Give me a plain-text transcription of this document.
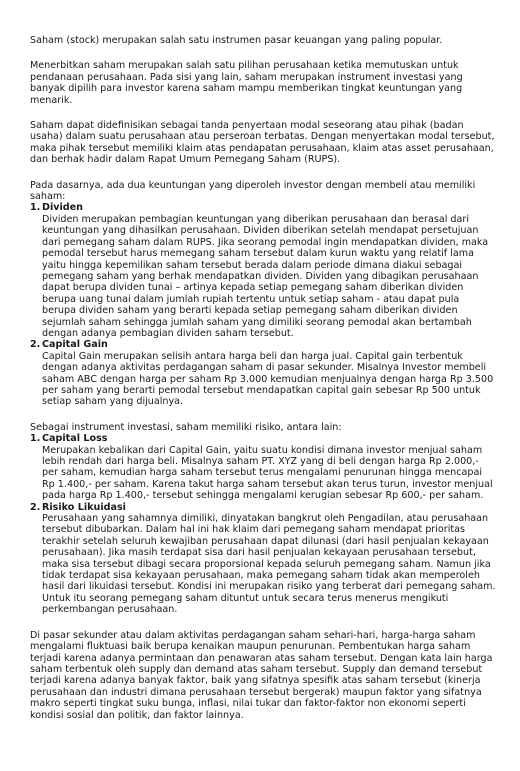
Saham (stock) merupakan salah satu instrumen pasar keuangan yang paling popular.

Menerbitkan saham merupakan salah satu pilihan perusahaan ketika memutuskan untuk pendanaan perusahaan. Pada sisi yang lain, saham merupakan instrument investasi yang banyak dipilih para investor karena saham mampu memberikan tingkat keuntungan yang menarik.

Saham dapat didefinisikan sebagai tanda penyertaan modal seseorang atau pihak (badan usaha) dalam suatu perusahaan atau perseroan terbatas. Dengan menyertakan modal tersebut, maka pihak tersebut memiliki klaim atas pendapatan perusahaan, klaim atas asset perusahaan, dan berhak hadir dalam Rapat Umum Pemegang Saham (RUPS).

Pada dasarnya, ada dua keuntungan yang diperoleh investor dengan membeli atau memiliki saham:

1. Dividen
Dividen merupakan pembagian keuntungan yang diberikan perusahaan dan berasal dari keuntungan yang dihasilkan perusahaan. Dividen diberikan setelah mendapat persetujuan dari pemegang saham dalam RUPS. Jika seorang pemodal ingin mendapatkan dividen, maka pemodal tersebut harus memegang saham tersebut dalam kurun waktu yang relatif lama yaitu hingga kepemilikan saham tersebut berada dalam periode dimana diakui sebagai pemegang saham yang berhak mendapatkan dividen. Dividen yang dibagikan perusahaan dapat berupa dividen tunai – artinya kepada setiap pemegang saham diberikan dividen berupa uang tunai dalam jumlah rupiah tertentu untuk setiap saham - atau dapat pula berupa dividen saham yang berarti kepada setiap pemegang saham diberikan dividen sejumlah saham sehingga jumlah saham yang dimiliki seorang pemodal akan bertambah dengan adanya pembagian dividen saham tersebut.
2. Capital Gain
Capital Gain merupakan selisih antara harga beli dan harga jual. Capital gain terbentuk dengan adanya aktivitas perdagangan saham di pasar sekunder. Misalnya Investor membeli saham ABC dengan harga per saham Rp 3.000 kemudian menjualnya dengan harga Rp 3.500 per saham yang berarti pemodal tersebut mendapatkan capital gain sebesar Rp 500 untuk setiap saham yang dijualnya.

Sebagai instrument investasi, saham memiliki risiko, antara lain:

1. Capital Loss
Merupakan kebalikan dari Capital Gain, yaitu suatu kondisi dimana investor menjual saham lebih rendah dari harga beli. Misalnya saham PT. XYZ yang di beli dengan harga Rp 2.000,- per saham, kemudian harga saham tersebut terus mengalami penurunan hingga mencapai Rp 1.400,- per saham. Karena takut harga saham tersebut akan terus turun, investor menjual pada harga Rp 1.400,- tersebut sehingga mengalami kerugian sebesar Rp 600,- per saham.
2. Risiko Likuidasi
Perusahaan yang sahamnya dimiliki, dinyatakan bangkrut oleh Pengadilan, atau perusahaan tersebut dibubarkan. Dalam hal ini hak klaim dari pemegang saham mendapat prioritas terakhir setelah seluruh kewajiban perusahaan dapat dilunasi (dari hasil penjualan kekayaan perusahaan). Jika masih terdapat sisa dari hasil penjualan kekayaan perusahaan tersebut, maka sisa tersebut dibagi secara proporsional kepada seluruh pemegang saham. Namun jika tidak terdapat sisa kekayaan perusahaan, maka pemegang saham tidak akan memperoleh hasil dari likuidasi tersebut. Kondisi ini merupakan risiko yang terberat dari pemegang saham. Untuk itu seorang pemegang saham dituntut untuk secara terus menerus mengikuti perkembangan perusahaan.

Di pasar sekunder atau dalam aktivitas perdagangan saham sehari-hari, harga-harga saham mengalami fluktuasi baik berupa kenaikan maupun penurunan. Pembentukan harga saham terjadi karena adanya permintaan dan penawaran atas saham tersebut. Dengan kata lain harga saham terbentuk oleh supply dan demand atas saham tersebut. Supply dan demand tersebut terjadi karena adanya banyak faktor, baik yang sifatnya spesifik atas saham tersebut (kinerja perusahaan dan industri dimana perusahaan tersebut bergerak) maupun faktor yang sifatnya makro seperti tingkat suku bunga, inflasi, nilai tukar dan faktor-faktor non ekonomi seperti kondisi sosial dan politik, dan faktor lainnya.
